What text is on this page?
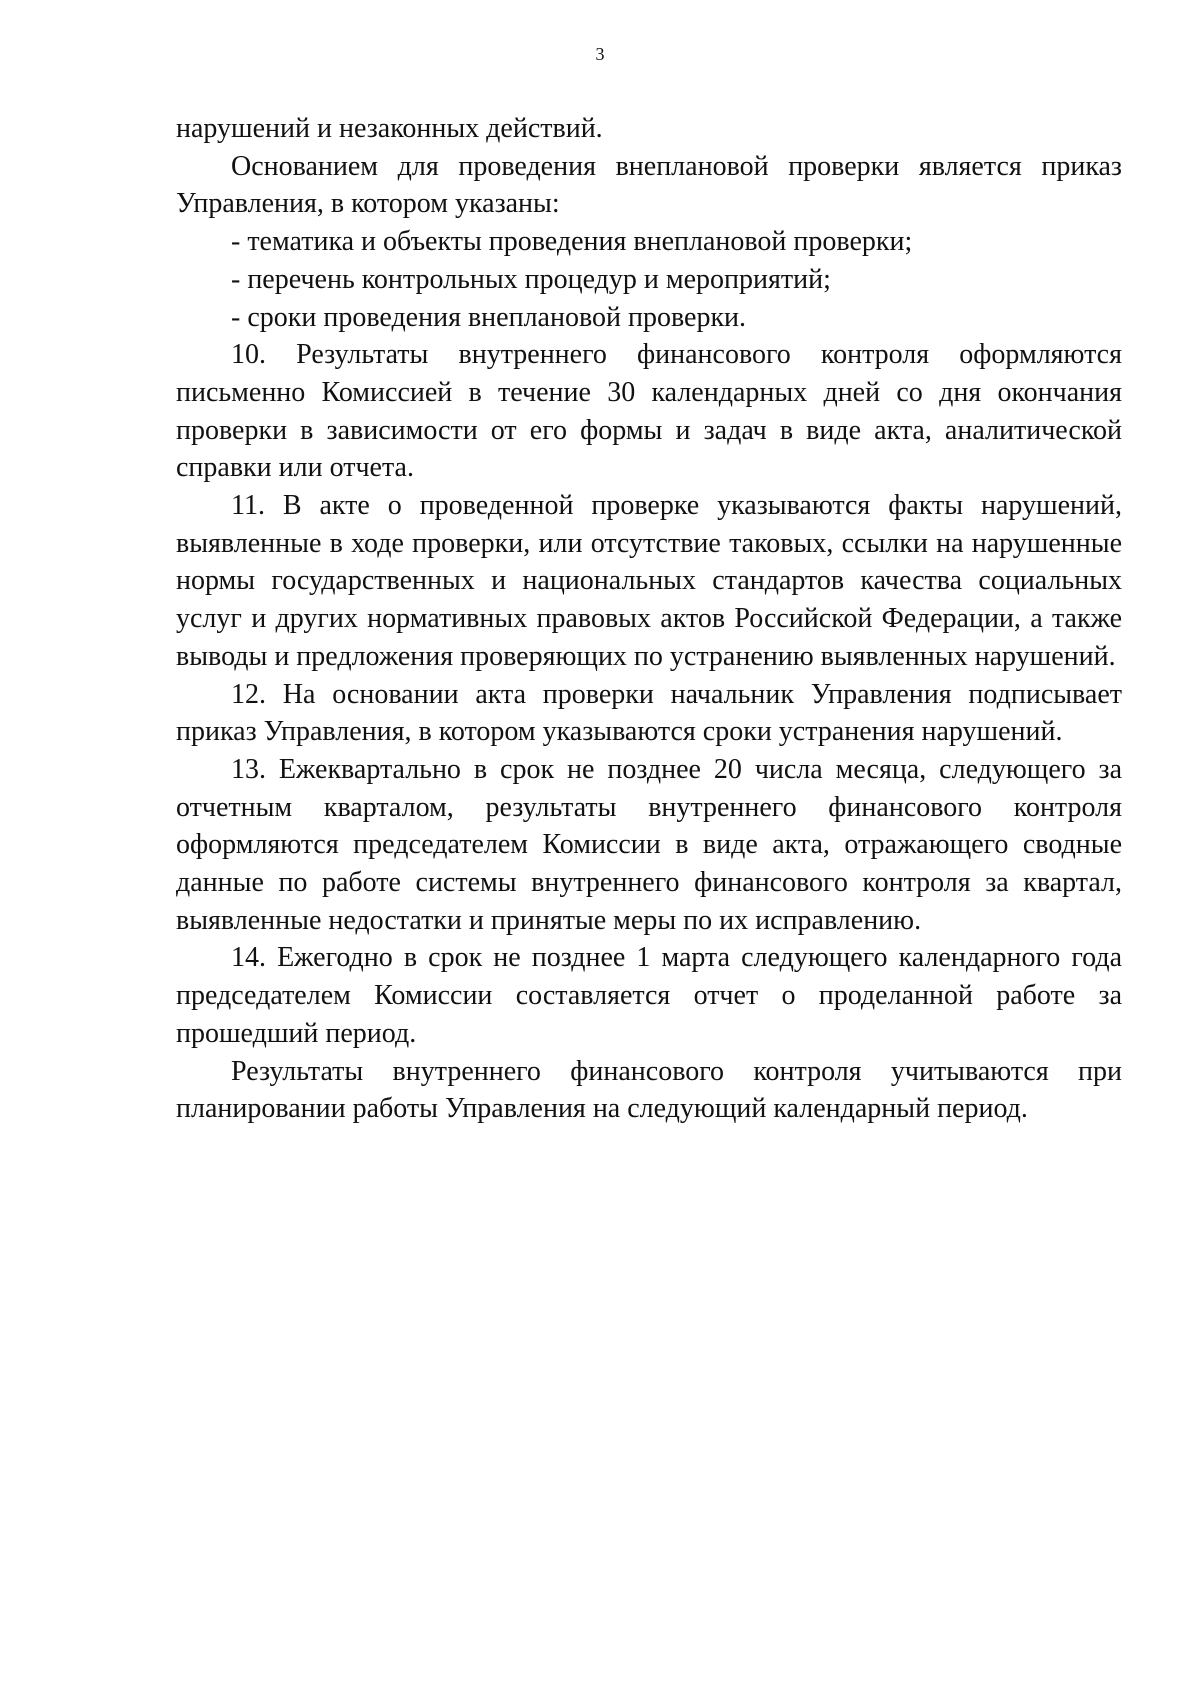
3

нарушений и незаконных действий.

Основанием для проведения внеплановой проверки является приказ Управления, в котором указаны:

- тематика и объекты проведения внеплановой проверки;

- перечень контрольных процедур и мероприятий;

- сроки проведения внеплановой проверки.

10. Результаты внутреннего финансового контроля оформляются письменно Комиссией в течение 30 календарных дней со дня окончания проверки в зависимости от его формы и задач в виде акта, аналитической справки или отчета.

11. В акте о проведенной проверке указываются факты нарушений, выявленные в ходе проверки, или отсутствие таковых, ссылки на нарушенные нормы государственных и национальных стандартов качества социальных услуг и других нормативных правовых актов Российской Федерации, а также выводы и предложения проверяющих по устранению выявленных нарушений.

12. На основании акта проверки начальник Управления подписывает приказ Управления, в котором указываются сроки устранения нарушений.

13. Ежеквартально в срок не позднее 20 числа месяца, следующего за отчетным кварталом, результаты внутреннего финансового контроля оформляются председателем Комиссии в виде акта, отражающего сводные данные по работе системы внутреннего финансового контроля за квартал, выявленные недостатки и принятые меры по их исправлению.

14. Ежегодно в срок не позднее 1 марта следующего календарного года председателем Комиссии составляется отчет о проделанной работе за прошедший период.

Результаты внутреннего финансового контроля учитываются при планировании работы Управления на следующий календарный период.
